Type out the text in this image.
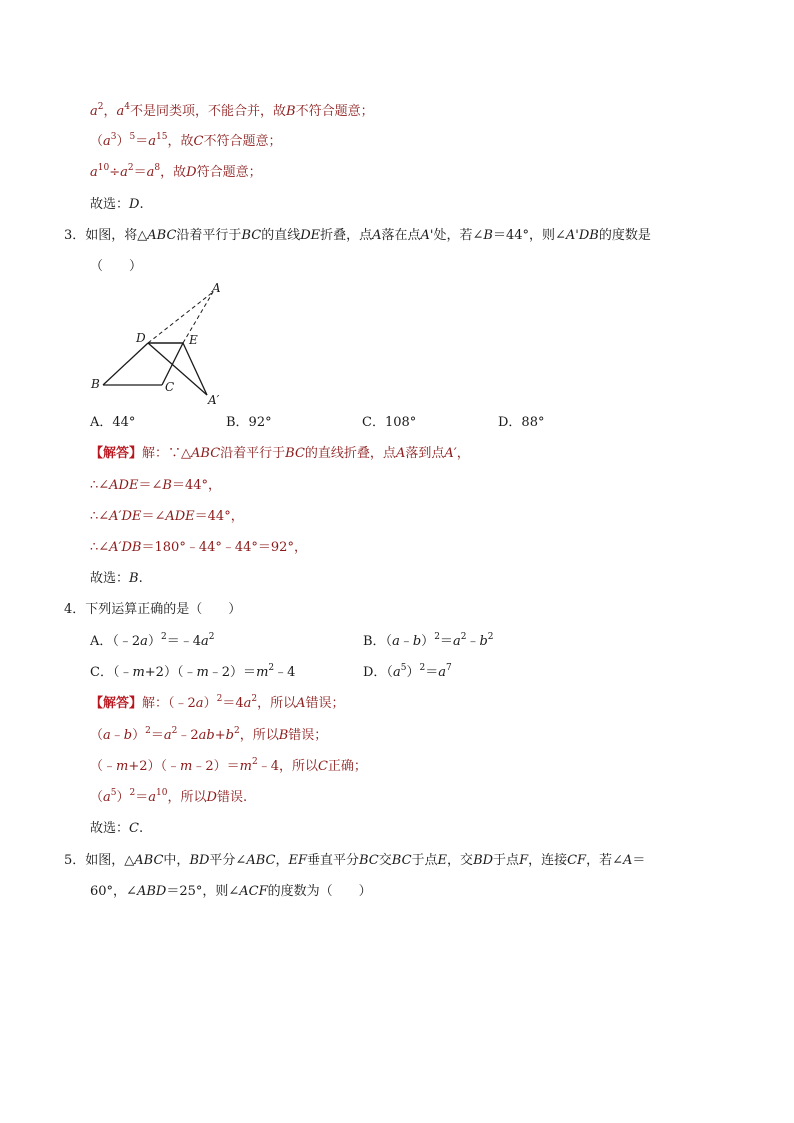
$a^2$，$a^4$不是同类项，不能合并，故B不符合题意；
$(a^3)^5=a^{15}$，故C不符合题意；
$a^{10}\div a^2=a^8$，故D符合题意；
故选：D.
3．如图，将△ABC沿着平行于BC的直线DE折叠，点A落在点A'处，若∠B＝44°，则∠A'DB的度数是
（　　）
A
D	E
B	C
A′
A．44°	B．92°	C．108°	D．88°
【解答】解：∵△ABC沿着平行于BC的直线折叠，点A落到点A′，
∴∠ADE＝∠B＝44°，
∴∠A′DE＝∠ADE＝44°，
∴∠A′DB＝180°﹣44°﹣44°＝92°，
故选：B.
4．下列运算正确的是（　　）
A．$(﹣2a)^2=﹣4a^2$	B．$(a﹣b)^2=a^2﹣b^2$
C．$(﹣m+2)(﹣m﹣2)=m^2﹣4$	D．$(a^5)^2=a^7$
【解答】解：$(﹣2a)^2=4a^2$，所以A错误；
$(a﹣b)^2=a^2﹣2ab+b^2$，所以B错误；
$(﹣m+2)(﹣m﹣2)=m^2﹣4$，所以C正确；
$(a^5)^2=a^{10}$，所以D错误.
故选：C.
5．如图，△ABC中，BD平分∠ABC，EF垂直平分BC交BC于点E，交BD于点F，连接CF，若∠A＝
60°，∠ABD＝25°，则∠ACF的度数为（　　）
